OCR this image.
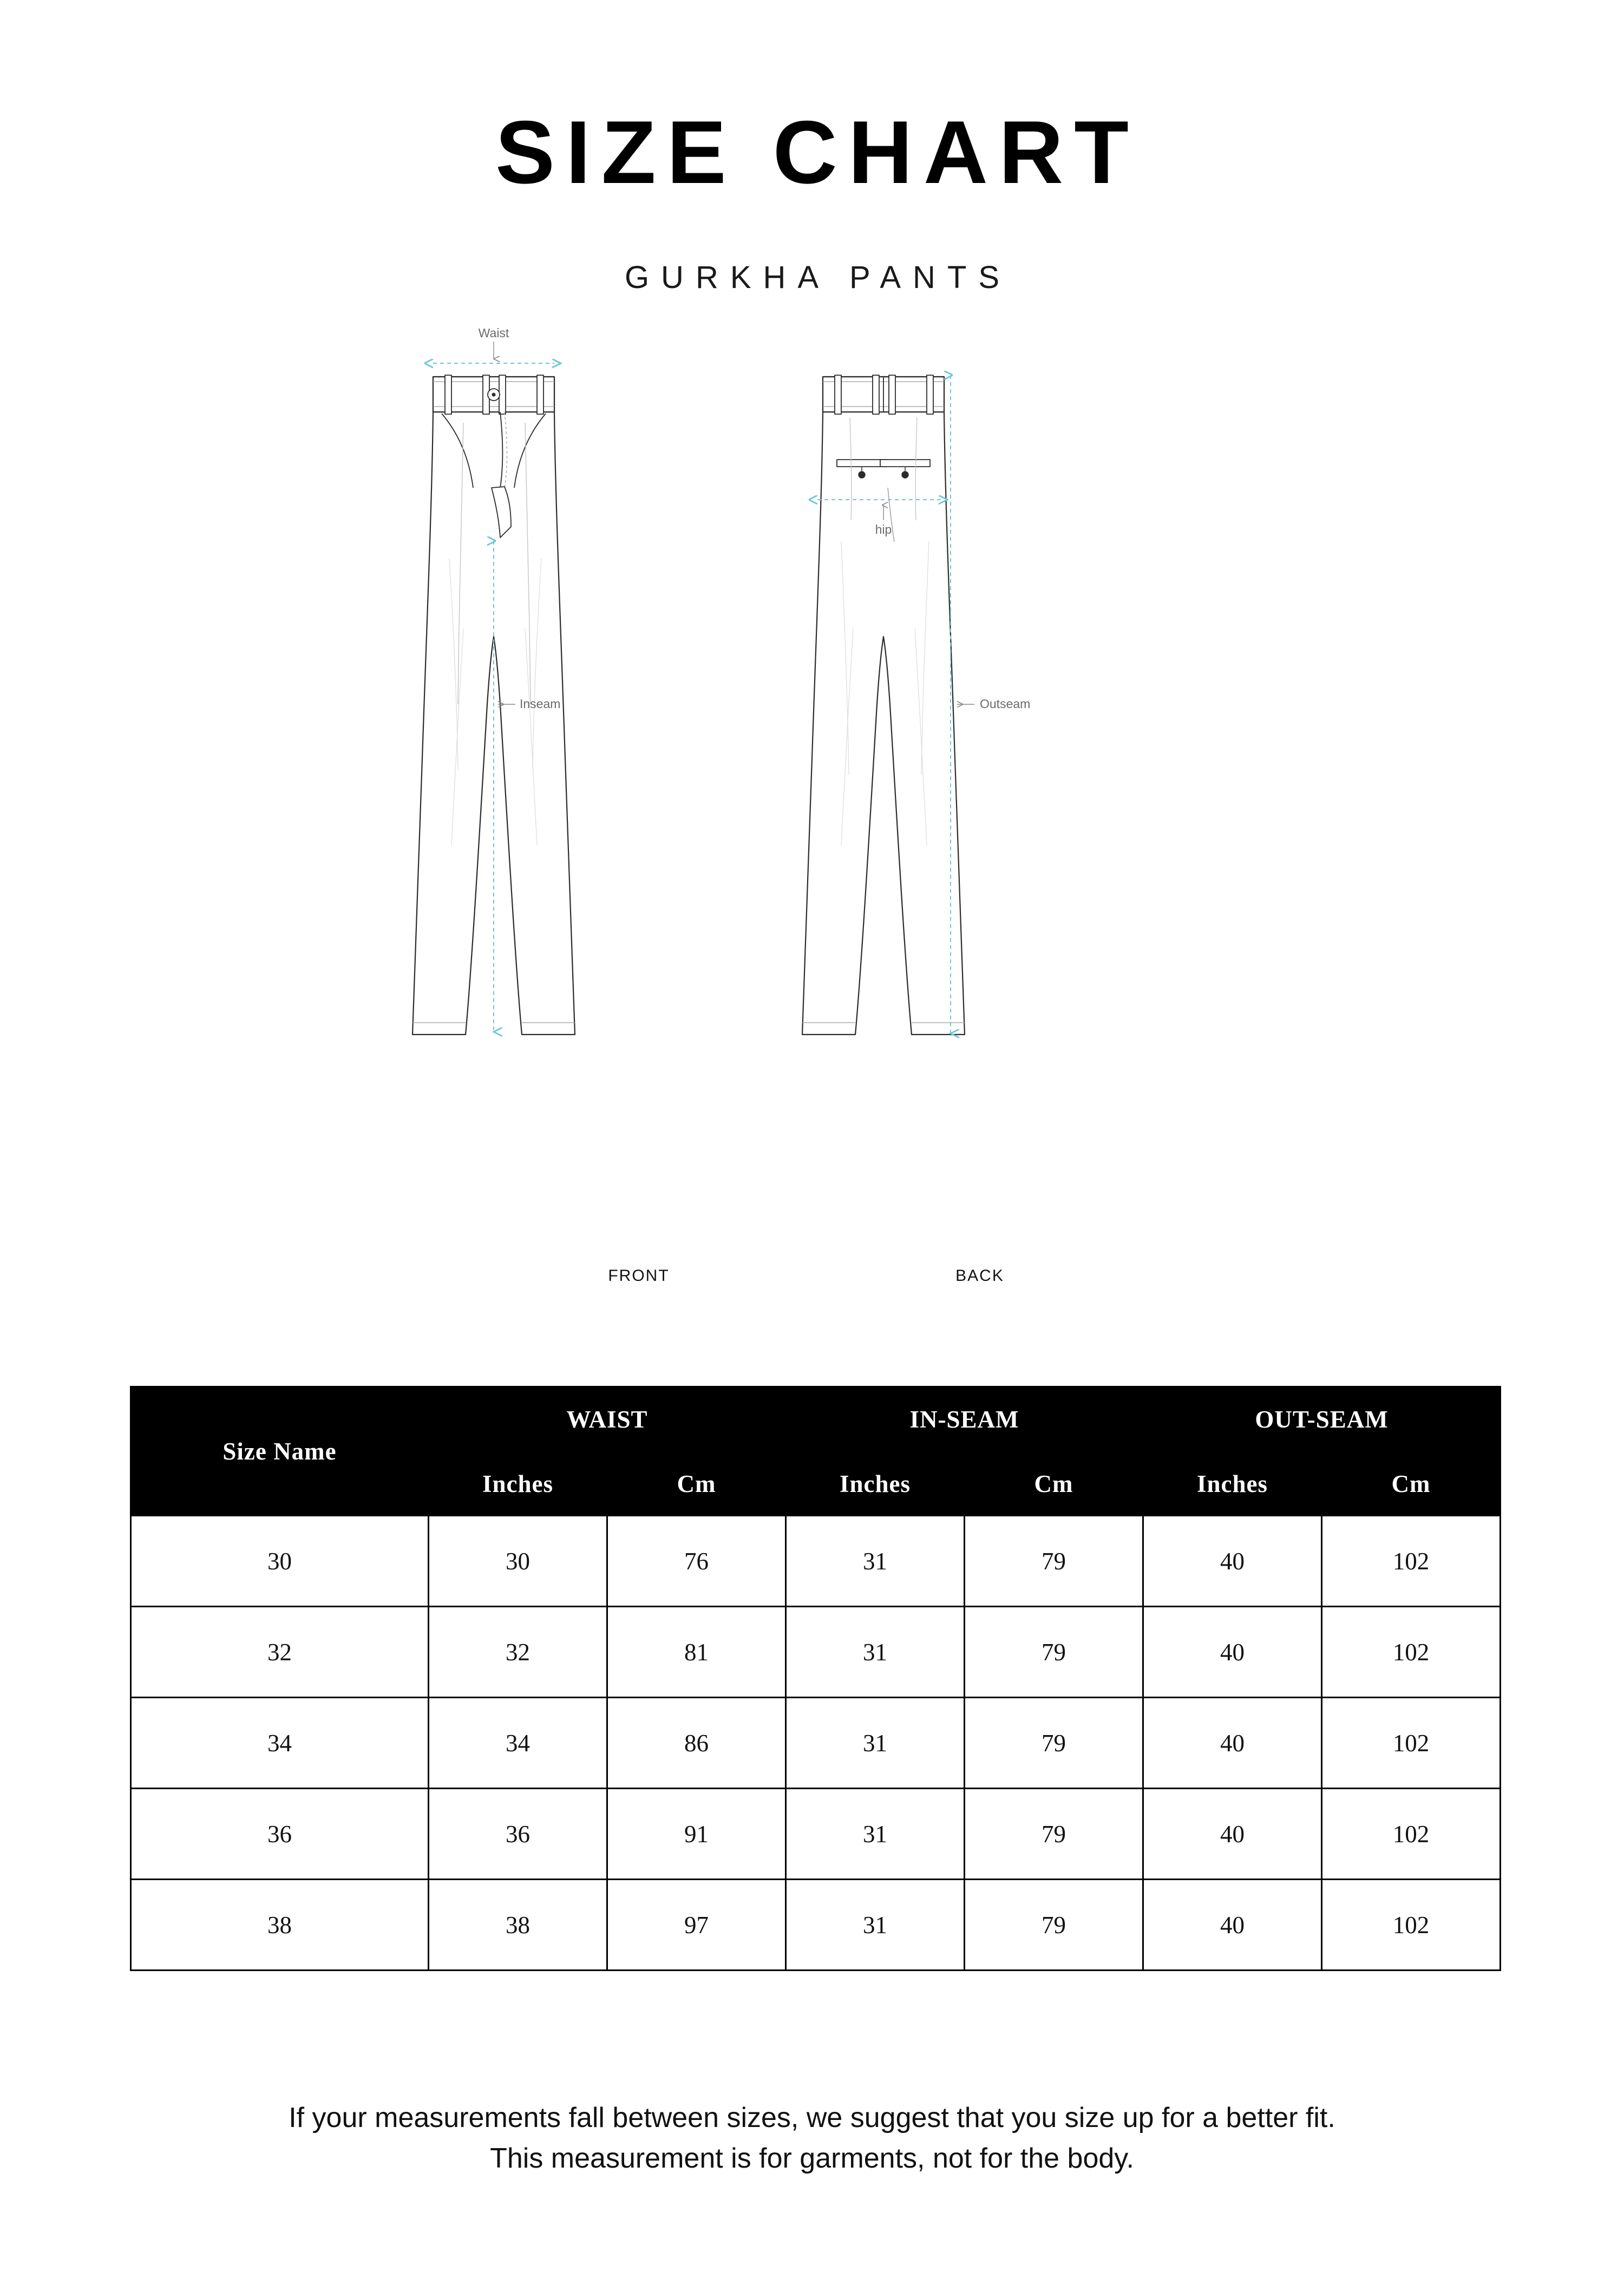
SIZE CHART
GURKHA PANTS
Waist
Inseam
hip
Outseam
FRONT	BACK
Size Name	WAIST		IN-SEAM		OUT-SEAM	
	Inches	Cm	Inches	Cm	Inches	Cm
30	30	76	31	79	40	102
32	32	81	31	79	40	102
34	34	86	31	79	40	102
36	36	91	31	79	40	102
38	38	97	31	79	40	102
If your measurements fall between sizes, we suggest that you size up for a better fit.
This measurement is for garments, not for the body.
